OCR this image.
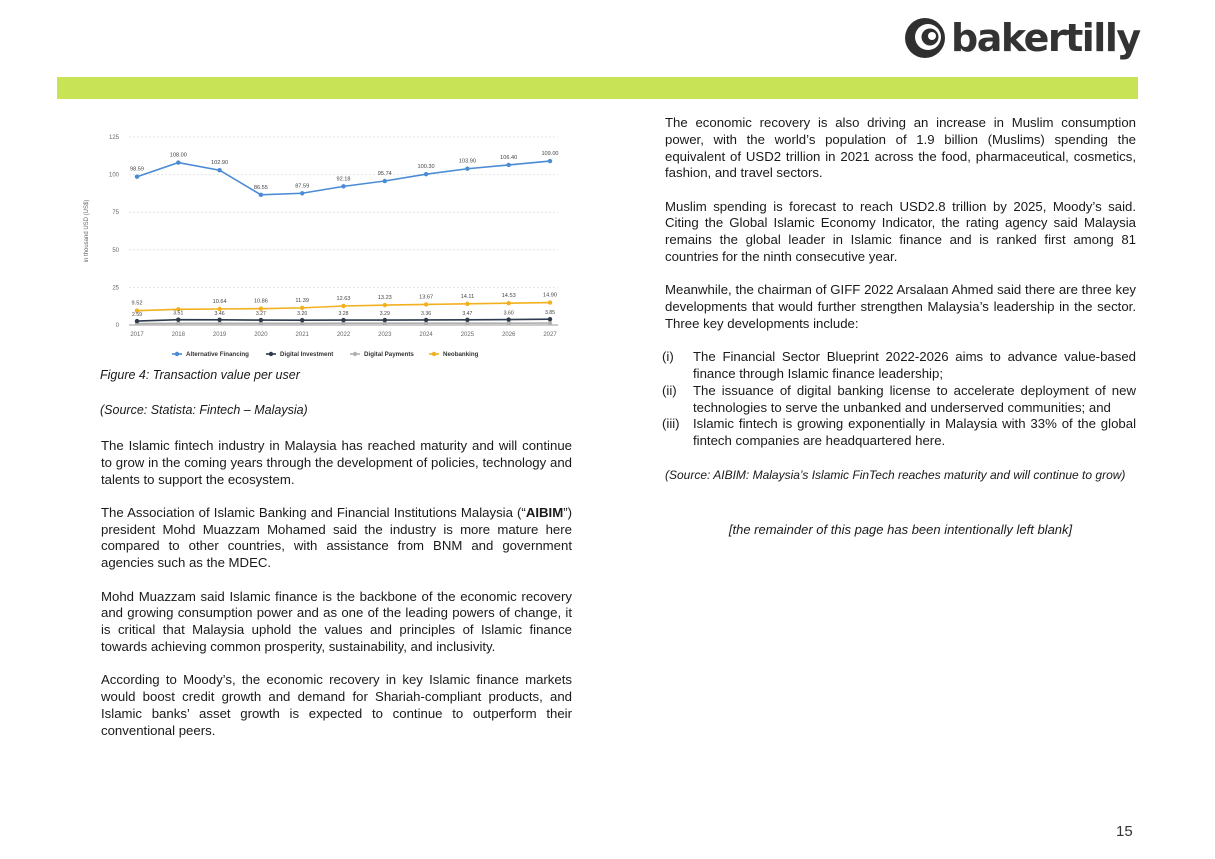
bakertilly
0
25
50
75
100
125
2017	2018	2019	2020	2021	2022	2023	2024	2025	2026	2027
in thousand USD (US$)
98.59
108.00
102.90
86.55	87.59
92.18
95.74
100.30
103.90
106.40
109.00
9.52	10.64	10.86	11.39	12.63	13.23	13.67	14.11	14.53	14.90
2.59	3.51	3.46	3.27	3.20	3.28	3.29	3.36	3.47	3.60	3.85
Alternative Financing	Digital Investment	Digital Payments	Neobanking
Figure 4: Transaction value per user
(Source: Statista: Fintech – Malaysia)

The Islamic fintech industry in Malaysia has reached maturity and will continue to grow in the coming years through the development of policies, technology and talents to support the ecosystem.

The Association of Islamic Banking and Financial Institutions Malaysia (“AIBIM”) president Mohd Muazzam Mohamed said the industry is more mature here compared to other countries, with assistance from BNM and government agencies such as the MDEC.

Mohd Muazzam said Islamic finance is the backbone of the economic recovery and growing consumption power and as one of the leading powers of change, it is critical that Malaysia uphold the values and principles of Islamic finance towards achieving common prosperity, sustainability, and inclusivity.

According to Moody’s, the economic recovery in key Islamic finance markets would boost credit growth and demand for Shariah-compliant products, and Islamic banks’ asset growth is expected to continue to outperform their conventional peers.

The economic recovery is also driving an increase in Muslim consumption power, with the world’s population of 1.9 billion (Muslims) spending the equivalent of USD2 trillion in 2021 across the food, pharmaceutical, cosmetics, fashion, and travel sectors.

Muslim spending is forecast to reach USD2.8 trillion by 2025, Moody’s said. Citing the Global Islamic Economy Indicator, the rating agency said Malaysia remains the global leader in Islamic finance and is ranked first among 81 countries for the ninth consecutive year.

Meanwhile, the chairman of GIFF 2022 Arsalaan Ahmed said there are three key developments that would further strengthen Malaysia’s leadership in the sector. Three key developments include:

(i)	The Financial Sector Blueprint 2022-2026 aims to advance value-based finance through Islamic finance leadership;
(ii)	The issuance of digital banking license to accelerate deployment of new technologies to serve the unbanked and underserved communities; and
(iii)	Islamic fintech is growing exponentially in Malaysia with 33% of the global fintech companies are headquartered here.
(Source: AIBIM: Malaysia’s Islamic FinTech reaches maturity and will continue to grow)
[the remainder of this page has been intentionally left blank]
15
